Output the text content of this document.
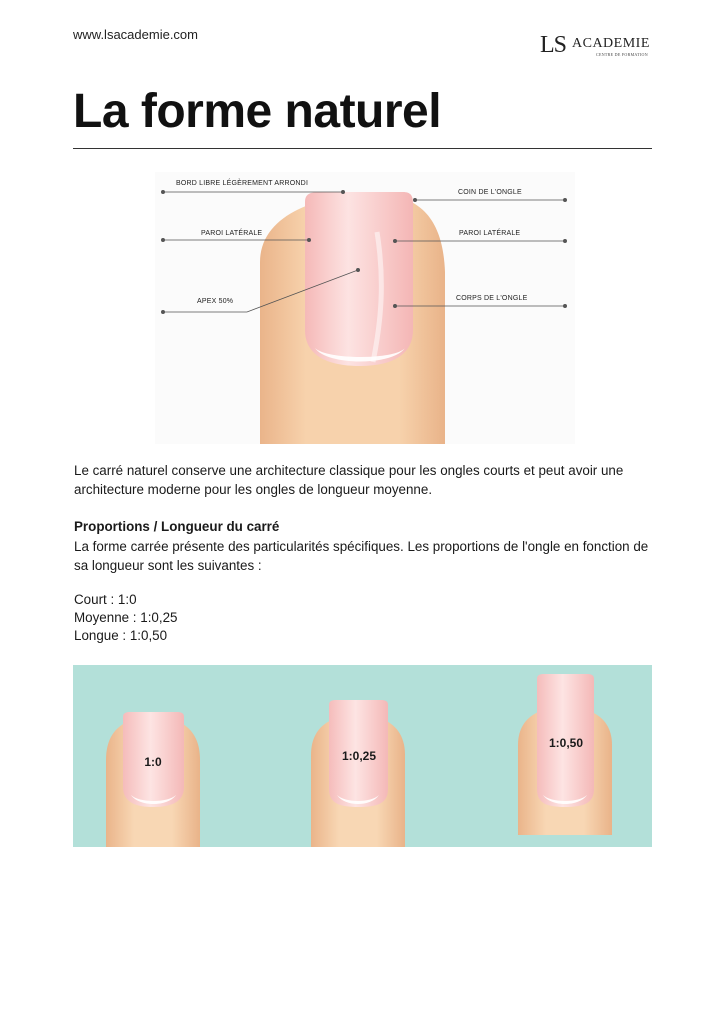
www.lsacademie.com	LS ACADEMIE
CENTRE DE FORMATION
La forme naturel
BORD LIBRE LÉGÈREMENT ARRONDI
COIN DE L'ONGLE
PAROI LATÉRALE	PAROI LATÉRALE
APEX 50%	CORPS DE L'ONGLE

Le carré naturel conserve une architecture classique pour les ongles courts et peut avoir une architecture moderne pour les ongles de longueur moyenne.

Proportions / Longueur du carré

La forme carrée présente des particularités spécifiques. Les proportions de l'ongle en fonction de sa longueur sont les suivantes :

Court : 1:0
Moyenne : 1:0,25
Longue : 1:0,50
1:0	1:0,25
1:0,50
